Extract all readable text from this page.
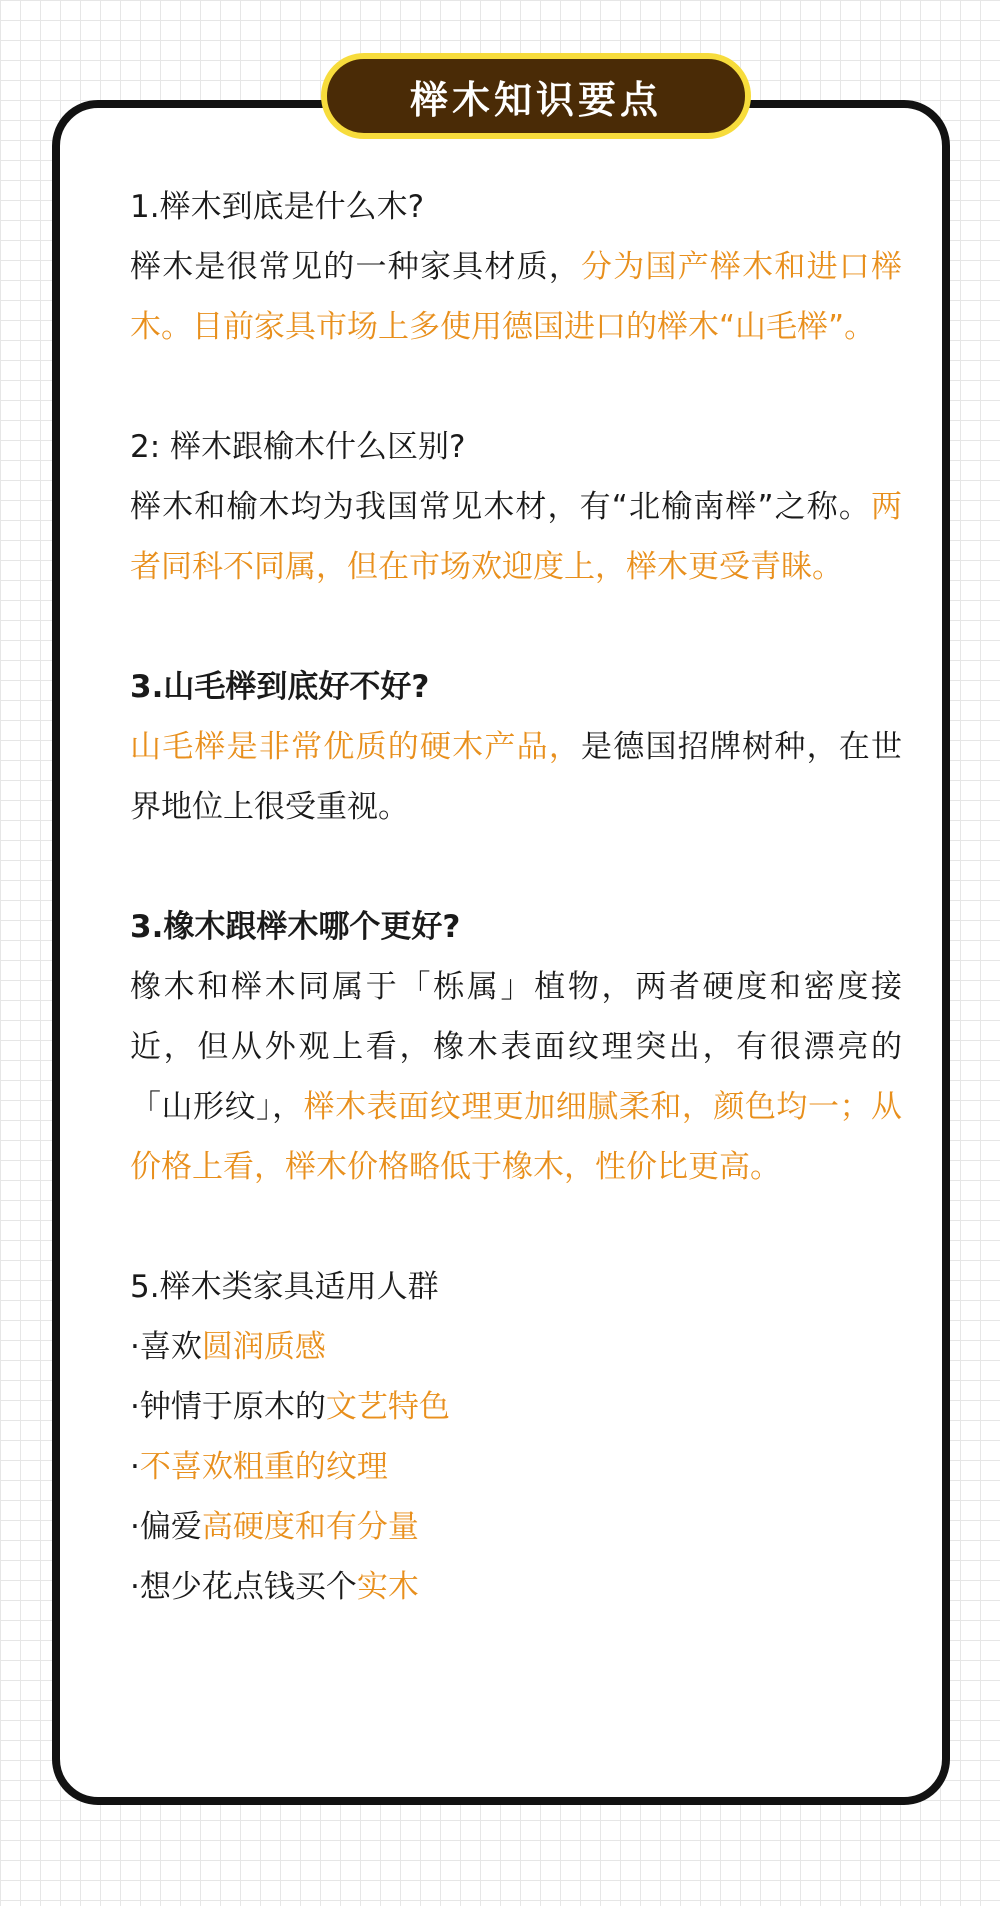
榉木知识要点

1.榉木到底是什么木?

榉木是很常见的一种家具材质，分为国产榉木和进口榉木。目前家具市场上多使用德国进口的榉木“山毛榉”。

2: 榉木跟榆木什么区别?

榉木和榆木均为我国常见木材，有“北榆南榉”之称。两者同科不同属，但在市场欢迎度上，榉木更受青睐。

3.山毛榉到底好不好?

山毛榉是非常优质的硬木产品，是德国招牌树种，在世界地位上很受重视。

3.橡木跟榉木哪个更好?

橡木和榉木同属于「栎属」植物，两者硬度和密度接近，但从外观上看，橡木表面纹理突出，有很漂亮的「山形纹」，榉木表面纹理更加细腻柔和，颜色均一；从价格上看，榉木价格略低于橡木，性价比更高。

5.榉木类家具适用人群

·喜欢圆润质感
·钟情于原木的文艺特色
·不喜欢粗重的纹理
·偏爱高硬度和有分量
·想少花点钱买个实木
